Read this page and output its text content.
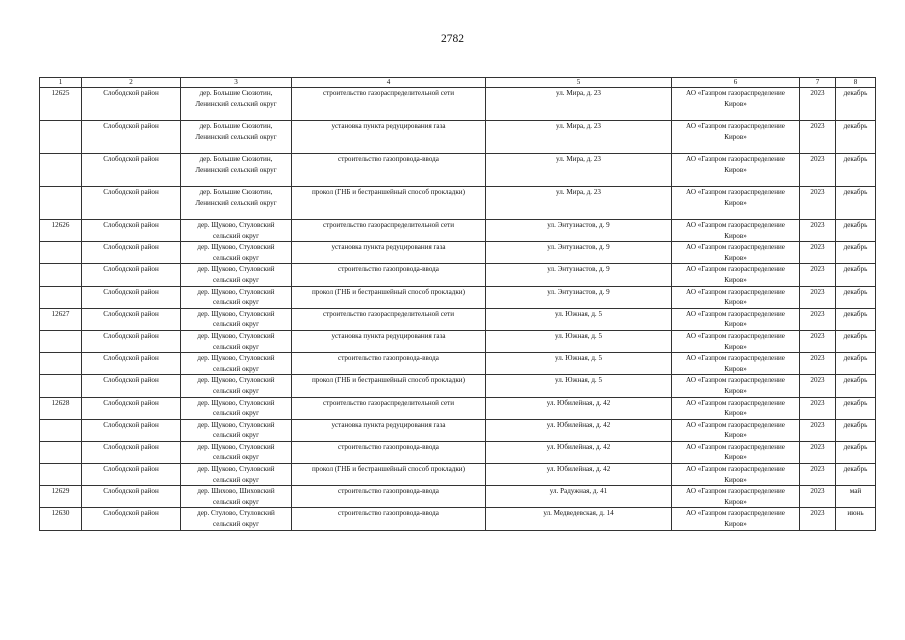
2782
1	2	3	4	5	6	7	8
12625	Слободской район	дер. Большие Сюзютин, Ленинский сельский округ	строительство газораспределительной сети	ул. Мира, д. 23	АО «Газпром газораспределение Киров»	2023	декабрь
	Слободской район	дер. Большие Сюзютин, Ленинский сельский округ	установка пункта редуцирования газа	ул. Мира, д. 23	АО «Газпром газораспределение Киров»	2023	декабрь
	Слободской район	дер. Большие Сюзютин, Ленинский сельский округ	строительство газопровода-ввода	ул. Мира, д. 23	АО «Газпром газораспределение Киров»	2023	декабрь
	Слободской район	дер. Большие Сюзютин, Ленинский сельский округ	прокол (ГНБ и бестраншейный способ прокладки)	ул. Мира, д. 23	АО «Газпром газораспределение Киров»	2023	декабрь
12626	Слободской район	дер. Щуково, Стуловский сельский округ	строительство газораспределительной сети	ул. Энтузиастов, д. 9	АО «Газпром газораспределение Киров»	2023	декабрь
	Слободской район	дер. Щуково, Стуловский сельский округ	установка пункта редуцирования газа	ул. Энтузиастов, д. 9	АО «Газпром газораспределение Киров»	2023	декабрь
	Слободской район	дер. Щуково, Стуловский сельский округ	строительство газопровода-ввода	ул. Энтузиастов, д. 9	АО «Газпром газораспределение Киров»	2023	декабрь
	Слободской район	дер. Щуково, Стуловский сельский округ	прокол (ГНБ и бестраншейный способ прокладки)	ул. Энтузиастов, д. 9	АО «Газпром газораспределение Киров»	2023	декабрь
12627	Слободской район	дер. Щуково, Стуловский сельский округ	строительство газораспределительной сети	ул. Южная, д. 5	АО «Газпром газораспределение Киров»	2023	декабрь
	Слободской район	дер. Щуково, Стуловский сельский округ	установка пункта редуцирования газа	ул. Южная, д. 5	АО «Газпром газораспределение Киров»	2023	декабрь
	Слободской район	дер. Щуково, Стуловский сельский округ	строительство газопровода-ввода	ул. Южная, д. 5	АО «Газпром газораспределение Киров»	2023	декабрь
	Слободской район	дер. Щуково, Стуловский сельский округ	прокол (ГНБ и бестраншейный способ прокладки)	ул. Южная, д. 5	АО «Газпром газораспределение Киров»	2023	декабрь
12628	Слободской район	дер. Щуково, Стуловский сельский округ	строительство газораспределительной сети	ул. Юбилейная, д. 42	АО «Газпром газораспределение Киров»	2023	декабрь
	Слободской район	дер. Щуково, Стуловский сельский округ	установка пункта редуцирования газа	ул. Юбилейная, д. 42	АО «Газпром газораспределение Киров»	2023	декабрь
	Слободской район	дер. Щуково, Стуловский сельский округ	строительство газопровода-ввода	ул. Юбилейная, д. 42	АО «Газпром газораспределение Киров»	2023	декабрь
	Слободской район	дер. Щуково, Стуловский сельский округ	прокол (ГНБ и бестраншейный способ прокладки)	ул. Юбилейная, д. 42	АО «Газпром газораспределение Киров»	2023	декабрь
12629	Слободской район	дер. Шихово, Шиховский сельский округ	строительство газопровода-ввода	ул. Радужная, д. 41	АО «Газпром газораспределение Киров»	2023	май
12630	Слободской район	дер. Стулово, Стуловский сельский округ	строительство газопровода-ввода	ул. Медведевская, д. 14	АО «Газпром газораспределение Киров»	2023	июнь
